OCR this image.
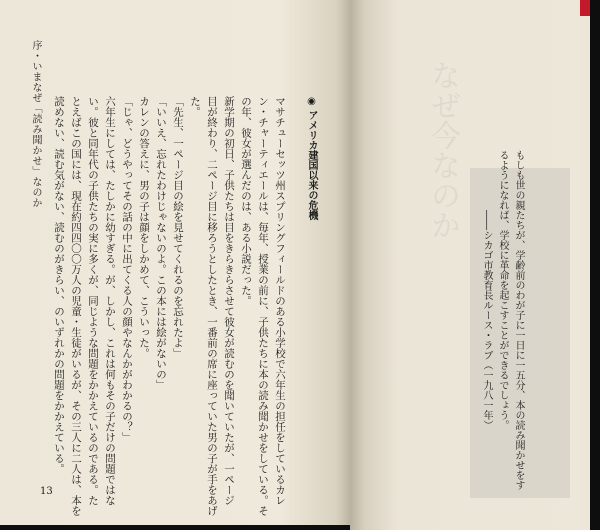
序・いまなぜ「読み聞かせ」なのか	◉アメリカ建国以来の危機
マサチューセッツ州スプリングフィールドのある小学校で六年生の担任をしているカレ
ン・チャーティエールは、毎年、授業の前に、子供たちに本の読み聞かせをしている。そ
の年、彼女が選んだのは、ある小説だった。
新学期の初日、子供たちは目をきらきらさせて彼女が読むのを聞いていたが、一ページ
目が終わり、二ページ目に移ろうとしたとき、一番前の席に座っていた男の子が手をあげ
た。
「先生、一ページ目の絵を見せてくれるのを忘れたよ」
「いいえ、忘れたわけじゃないのよ。この本には絵がないの」
カレンの答えに、男の子は顔をしかめて、こういった。
「じゃ、どうやってその話の中に出てくる人の顔やなんかがわかるの？」
六年生にしては、たしかに幼すぎる。が、しかし、これは何もその子だけの問題ではな
い。彼と同年代の子供たちの実に多くが、同じような問題をかかえているのである。た
とえばこの国には、現在約四四〇〇万人の児童・生徒がいるが、その三人に二人は、本を
読めない、読む気がない、読むのがきらい、のいずれかの問題をかかえている。
13
もしも世の親たちが、学齢前のわが子に一日に一五分、本の読み聞かせをす
るようになれば、学校に革命を起こすことができるでしょう。
――シカゴ市教育長ルース・ラブ（一九八一年）
なぜ今なのか
